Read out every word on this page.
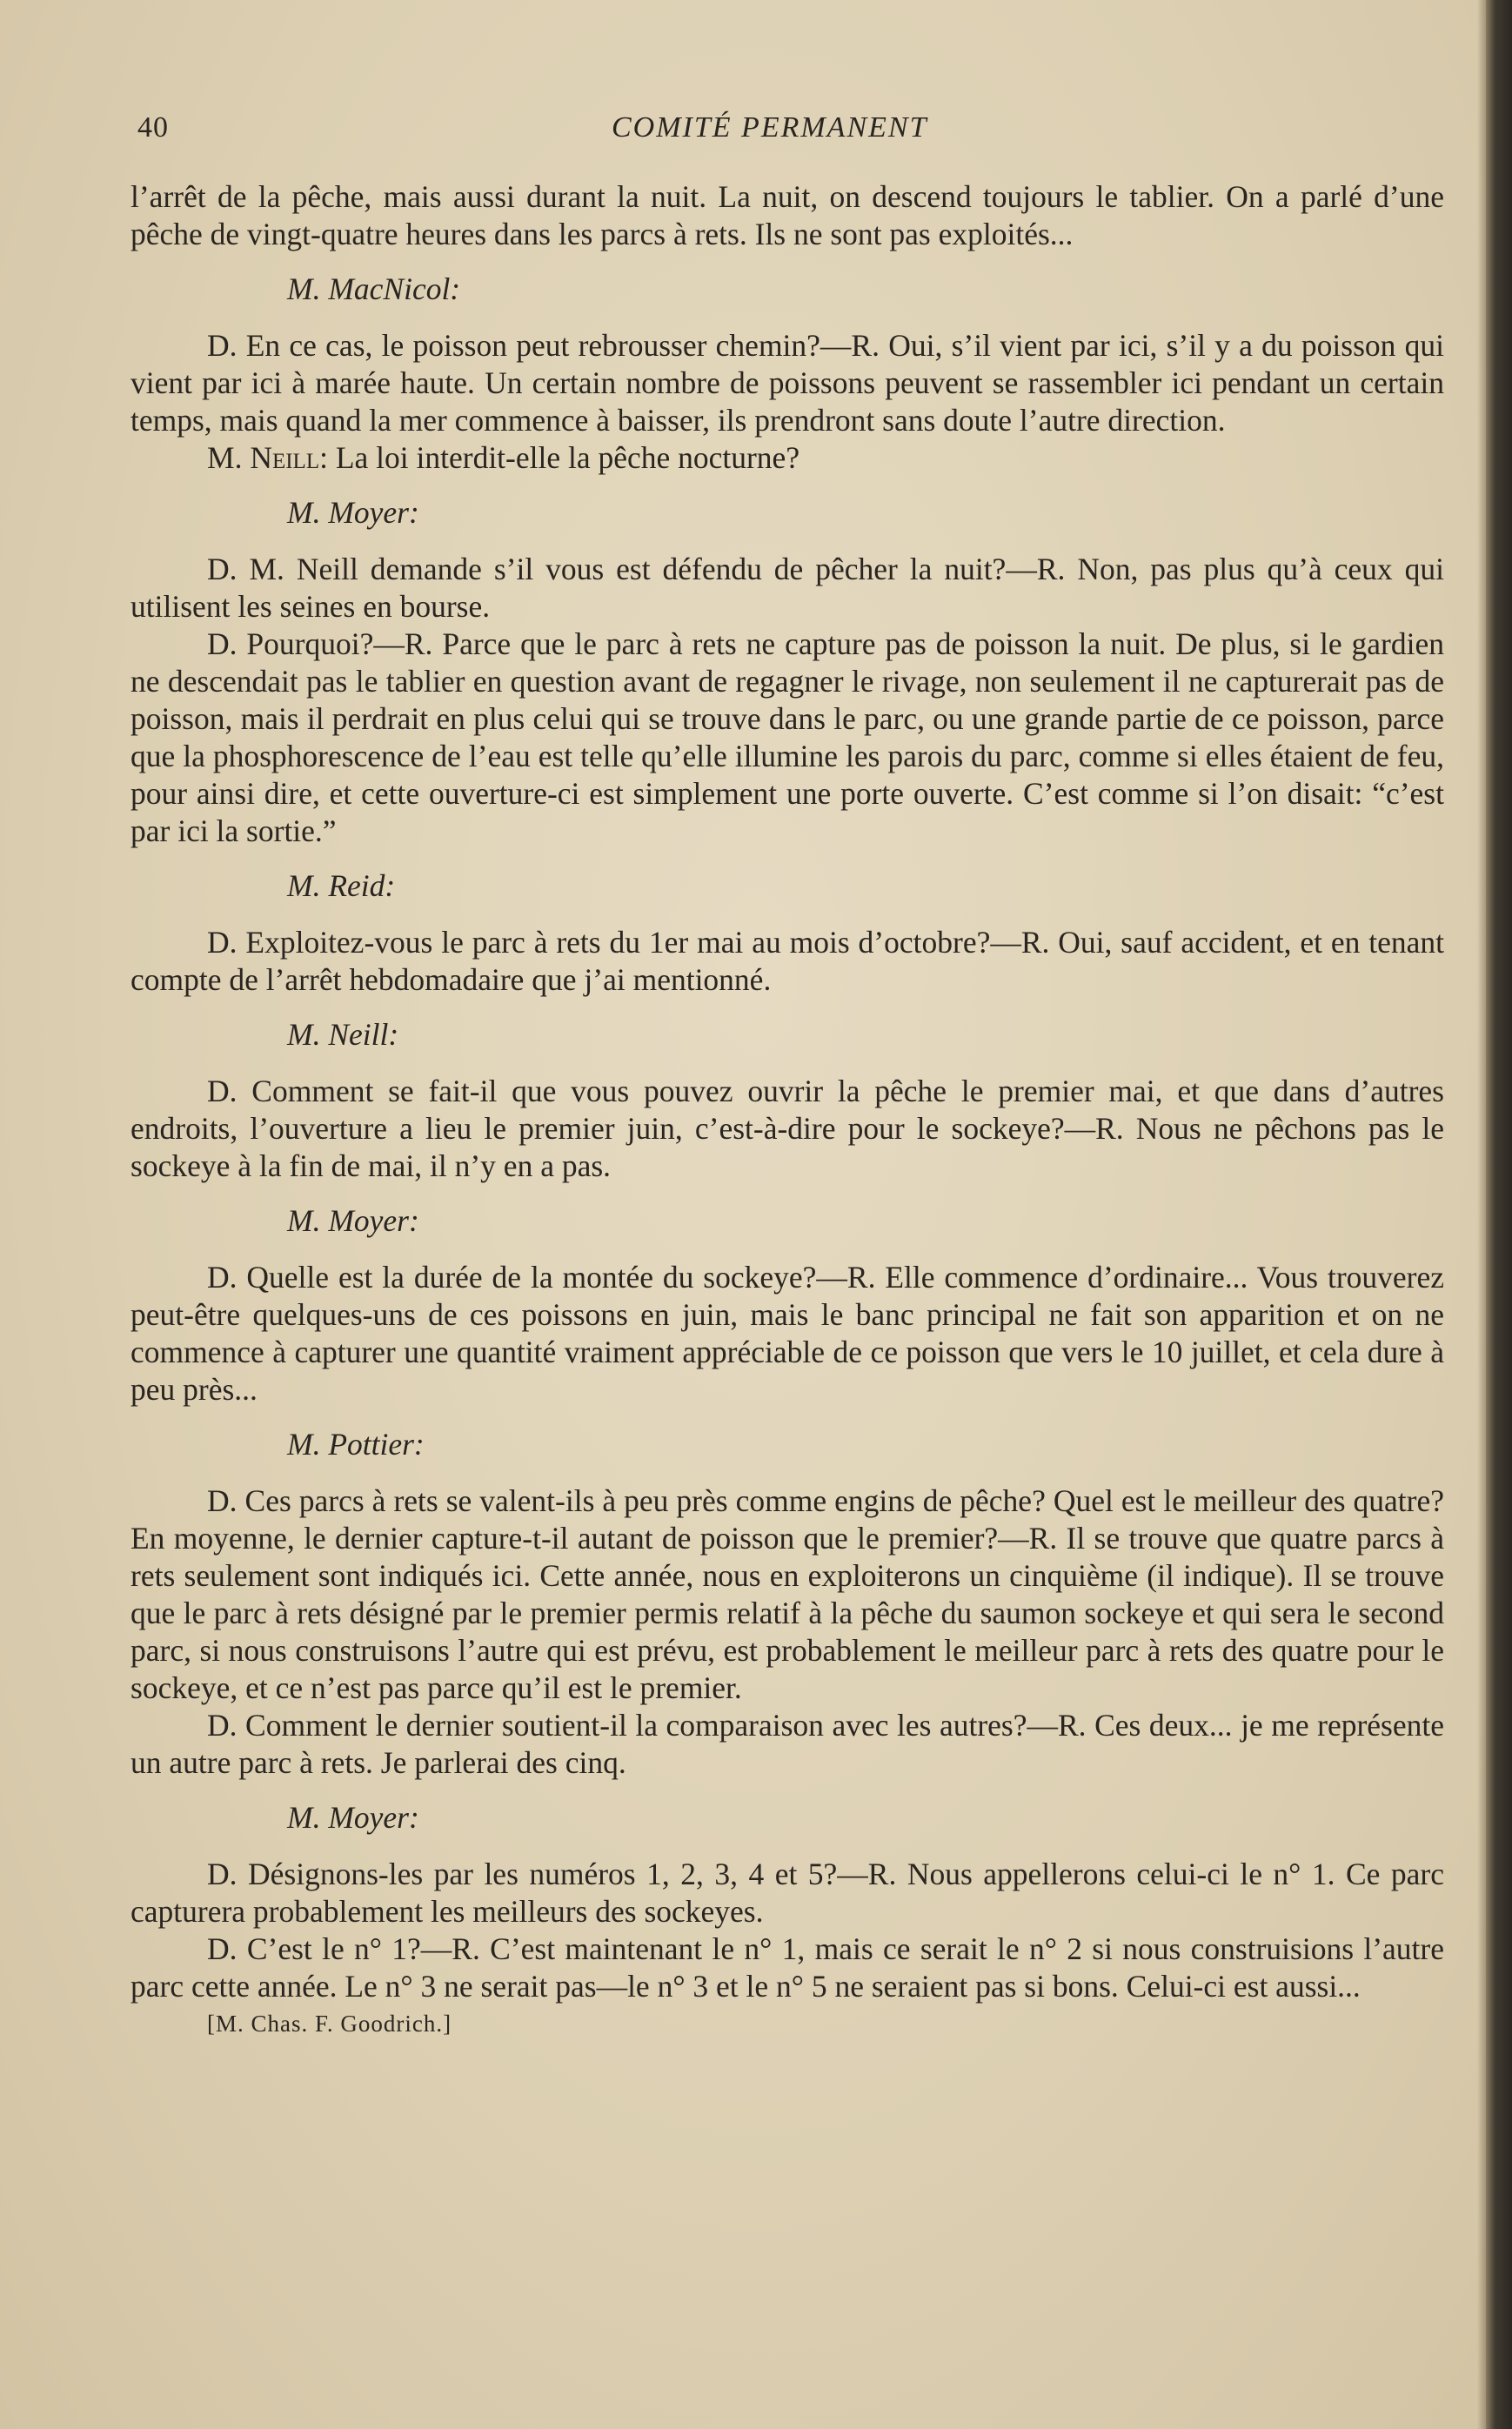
40	COMITÉ PERMANENT

l’arrêt de la pêche, mais aussi durant la nuit. La nuit, on descend toujours le tablier. On a parlé d’une pêche de vingt-quatre heures dans les parcs à rets. Ils ne sont pas exploités...

M. MacNicol:

D. En ce cas, le poisson peut rebrousser chemin?—R. Oui, s’il vient par ici, s’il y a du poisson qui vient par ici à marée haute. Un certain nombre de poissons peuvent se rassembler ici pendant un certain temps, mais quand la mer commence à baisser, ils prendront sans doute l’autre direction.

M. Neill: La loi interdit-elle la pêche nocturne?

M. Moyer:

D. M. Neill demande s’il vous est défendu de pêcher la nuit?—R. Non, pas plus qu’à ceux qui utilisent les seines en bourse.

D. Pourquoi?—R. Parce que le parc à rets ne capture pas de poisson la nuit. De plus, si le gardien ne descendait pas le tablier en question avant de regagner le rivage, non seulement il ne capturerait pas de poisson, mais il perdrait en plus celui qui se trouve dans le parc, ou une grande partie de ce poisson, parce que la phosphorescence de l’eau est telle qu’elle illumine les parois du parc, comme si elles étaient de feu, pour ainsi dire, et cette ouverture-ci est simplement une porte ouverte. C’est comme si l’on disait: “c’est par ici la sortie.”

M. Reid:

D. Exploitez-vous le parc à rets du 1er mai au mois d’octobre?—R. Oui, sauf accident, et en tenant compte de l’arrêt hebdomadaire que j’ai mentionné.

M. Neill:

D. Comment se fait-il que vous pouvez ouvrir la pêche le premier mai, et que dans d’autres endroits, l’ouverture a lieu le premier juin, c’est-à-dire pour le sockeye?—R. Nous ne pêchons pas le sockeye à la fin de mai, il n’y en a pas.

M. Moyer:

D. Quelle est la durée de la montée du sockeye?—R. Elle commence d’ordinaire... Vous trouverez peut-être quelques-uns de ces poissons en juin, mais le banc principal ne fait son apparition et on ne commence à capturer une quantité vraiment appréciable de ce poisson que vers le 10 juillet, et cela dure à peu près...

M. Pottier:

D. Ces parcs à rets se valent-ils à peu près comme engins de pêche? Quel est le meilleur des quatre? En moyenne, le dernier capture-t-il autant de poisson que le premier?—R. Il se trouve que quatre parcs à rets seulement sont indiqués ici. Cette année, nous en exploiterons un cinquième (il indique). Il se trouve que le parc à rets désigné par le premier permis relatif à la pêche du saumon sockeye et qui sera le second parc, si nous construisons l’autre qui est prévu, est probablement le meilleur parc à rets des quatre pour le sockeye, et ce n’est pas parce qu’il est le premier.

D. Comment le dernier soutient-il la comparaison avec les autres?—R. Ces deux... je me représente un autre parc à rets. Je parlerai des cinq.

M. Moyer:

D. Désignons-les par les numéros 1, 2, 3, 4 et 5?—R. Nous appellerons celui-ci le n° 1. Ce parc capturera probablement les meilleurs des sockeyes.

D. C’est le n° 1?—R. C’est maintenant le n° 1, mais ce serait le n° 2 si nous construisions l’autre parc cette année. Le n° 3 ne serait pas—le n° 3 et le n° 5 ne seraient pas si bons. Celui-ci est aussi...

[M. Chas. F. Goodrich.]
